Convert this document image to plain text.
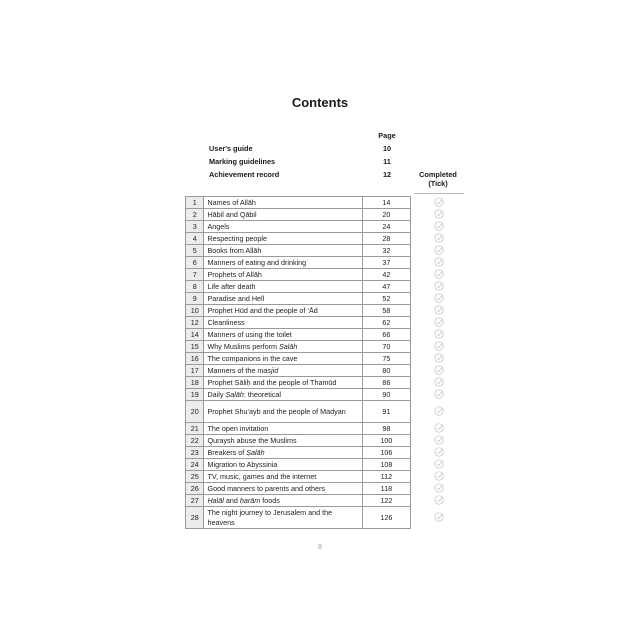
Contents
Page
User's guide	10
Marking guidelines	11
Achievement record	12	Completed
(Tick)
1	Names of Allāh	14
2	Hābil and Qābil	20
3	Angels	24
4	Respecting people	28
5	Books from Allāh	32
6	Manners of eating and drinking	37
7	Prophets of Allāh	42
8	Life after death	47
9	Paradise and Hell	52
10	Prophet Hūd and the people of ‘Ād	58
12	Cleanliness	62
14	Manners of using the toilet	66
15	Why Muslims perform Ṣalāh	70
16	The companions in the cave	75
17	Manners of the masjid	80
18	Prophet Ṣāliḥ and the people of Thamūd	86
19	Daily Ṣalāh: theoretical	90
20	Prophet Shu‘ayb and the people of Madyan	91
21	The open invitation	98
22	Quraysh abuse the Muslims	100
23	Breakers of Ṣalāh	106
24	Migration to Abyssinia	108
25	TV, music, games and the internet	112
26	Good manners to parents and others	118
27	Ḥalāl and ḥarām foods	122
28	The night journey to Jerusalem and the heavens	126
8
